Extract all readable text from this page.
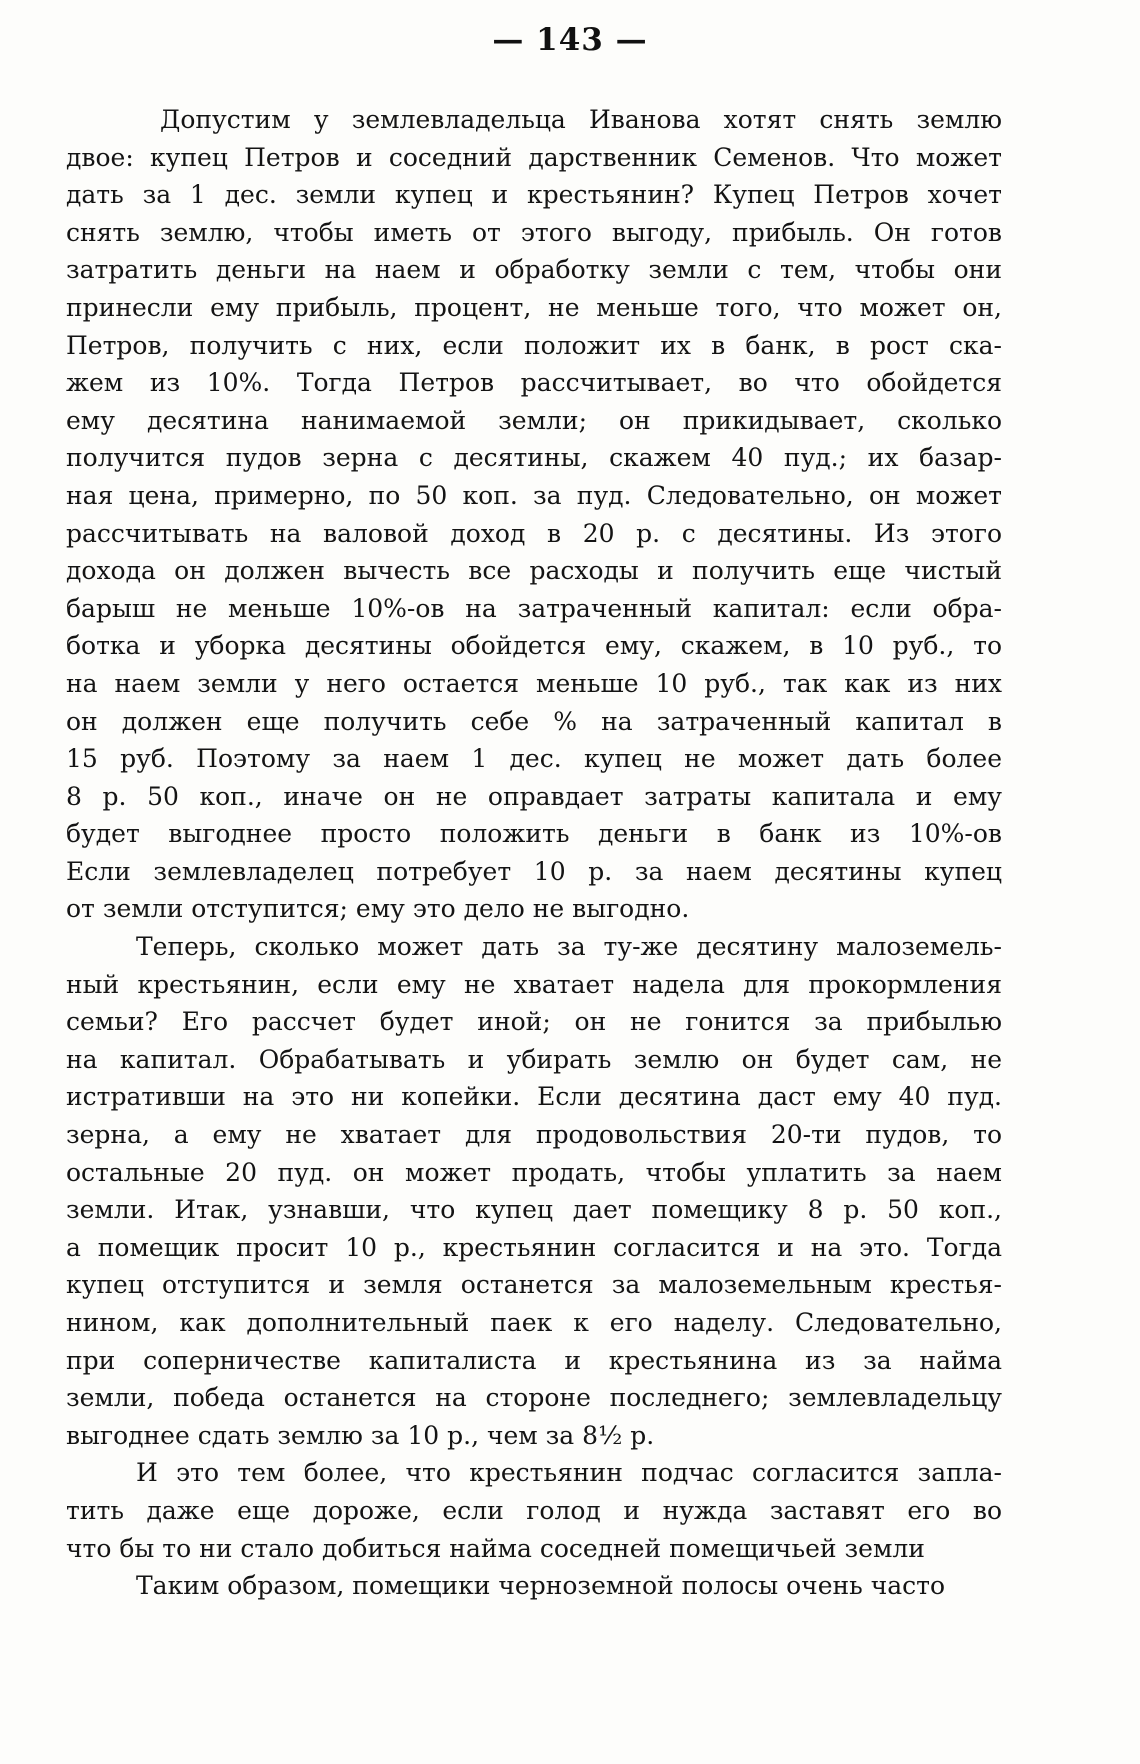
— 143 —
Допустим у землевладельца Иванова хотят снять землю
двое: купец Петров и соседний дарственник Семенов. Что может
дать за 1 дес. земли купец и крестьянин? Купец Петров хочет
снять землю, чтобы иметь от этого выгоду, прибыль. Он готов
затратить деньги на наем и обработку земли с тем, чтобы они
принесли ему прибыль, процент, не меньше того, что может он,
Петров, получить с них, если положит их в банк, в рост ска-
жем из 10%. Тогда Петров рассчитывает, во что обойдется
ему десятина нанимаемой земли; он прикидывает, сколько
получится пудов зерна с десятины, скажем 40 пуд.; их базар-
ная цена, примерно, по 50 коп. за пуд. Следовательно, он может
рассчитывать на валовой доход в 20 р. с десятины. Из этого
дохода он должен вычесть все расходы и получить еще чистый
барыш не меньше 10%-ов на затраченный капитал: если обра-
ботка и уборка десятины обойдется ему, скажем, в 10 руб., то
на наем земли у него остается меньше 10 руб., так как из них
он должен еще получить себе % на затраченный капитал в
15 руб. Поэтому за наем 1 дес. купец не может дать более
8 р. 50 коп., иначе он не оправдает затраты капитала и ему
будет выгоднее просто положить деньги в банк из 10%-ов
Если землевладелец потребует 10 р. за наем десятины купец
от земли отступится; ему это дело не выгодно.
Теперь, сколько может дать за ту-же десятину малоземель-
ный крестьянин, если ему не хватает надела для прокормления
семьи? Его рассчет будет иной; он не гонится за прибылью
на капитал. Обрабатывать и убирать землю он будет сам, не
истративши на это ни копейки. Если десятина даст ему 40 пуд.
зерна, а ему не хватает для продовольствия 20-ти пудов, то
остальные 20 пуд. он может продать, чтобы уплатить за наем
земли. Итак, узнавши, что купец дает помещику 8 р. 50 коп.,
а помещик просит 10 р., крестьянин согласится и на это. Тогда
купец отступится и земля останется за малоземельным крестья-
нином, как дополнительный паек к его наделу. Следовательно,
при соперничестве капиталиста и крестьянина из за найма
земли, победа останется на стороне последнего; землевладельцу
выгоднее сдать землю за 10 р., чем за 8½ р.
И это тем более, что крестьянин подчас согласится запла-
тить даже еще дороже, если голод и нужда заставят его во
что бы то ни стало добиться найма соседней помещичьей земли
Таким образом, помещики черноземной полосы очень часто
